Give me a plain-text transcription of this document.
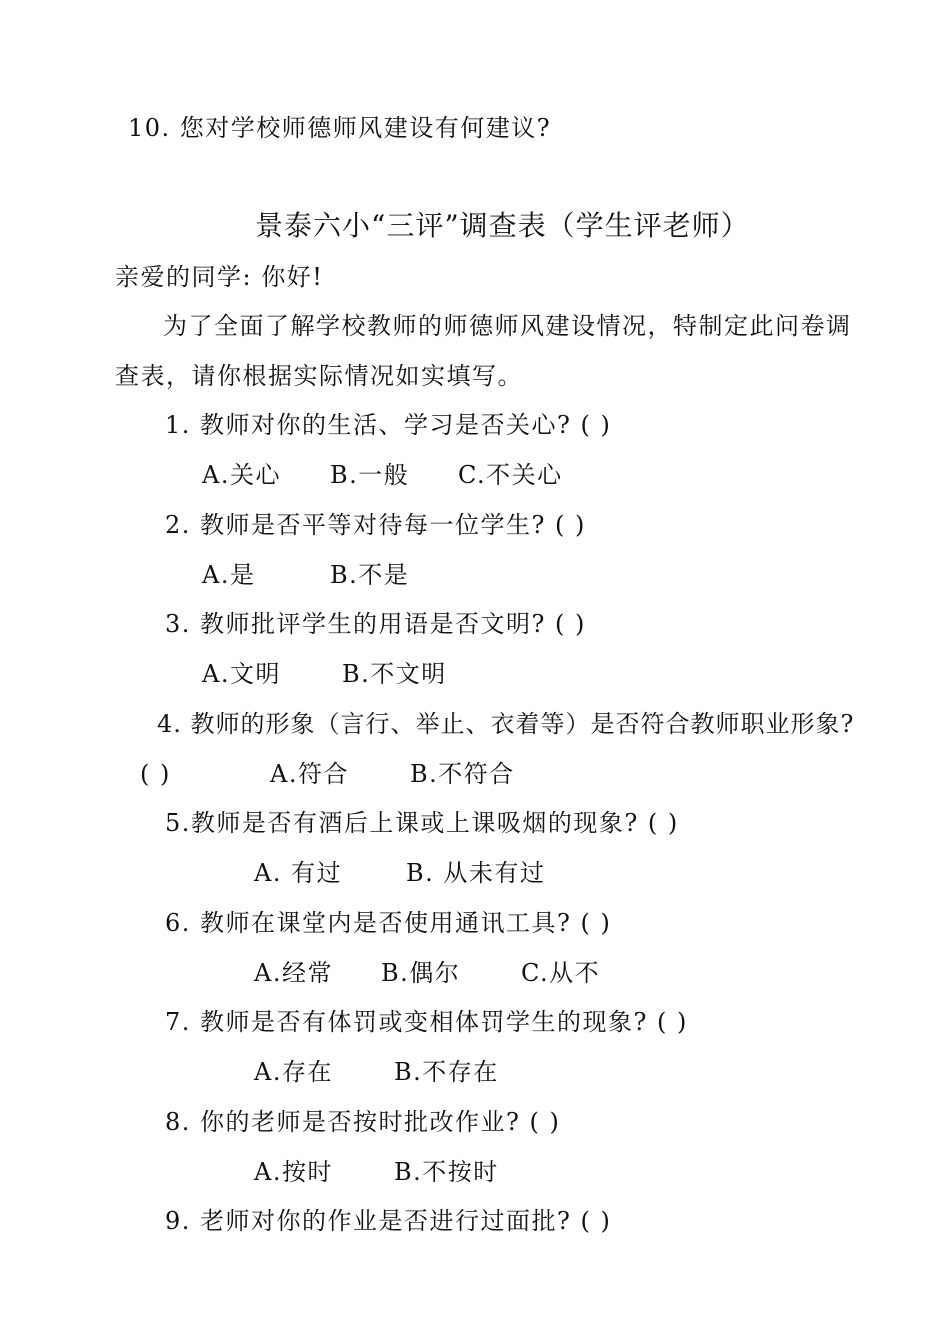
10. 您对学校师德师风建设有何建议?
景泰六小“三评”调查表（学生评老师）
亲爱的同学: 你好!
为了全面了解学校教师的师德师风建设情况，特制定此问卷调
查表，请你根据实际情况如实填写。
1. 教师对你的生活、学习是否关心? ( )
A.关心 B.一般 C.不关心
2. 教师是否平等对待每一位学生? ( )
A.是	B.不是
3. 教师批评学生的用语是否文明? ( )
A.文明	B.不文明
4. 教师的形象（言行、举止、衣着等）是否符合教师职业形象?
( )	A.符合	B.不符合
5.教师是否有酒后上课或上课吸烟的现象? ( )
A. 有过	B. 从未有过
6. 教师在课堂内是否使用通讯工具? ( )
A.经常 B.偶尔	C.从不
7. 教师是否有体罚或变相体罚学生的现象? ( )
A.存在	B.不存在
8. 你的老师是否按时批改作业? ( )
A.按时	B.不按时
9. 老师对你的作业是否进行过面批? ( )
